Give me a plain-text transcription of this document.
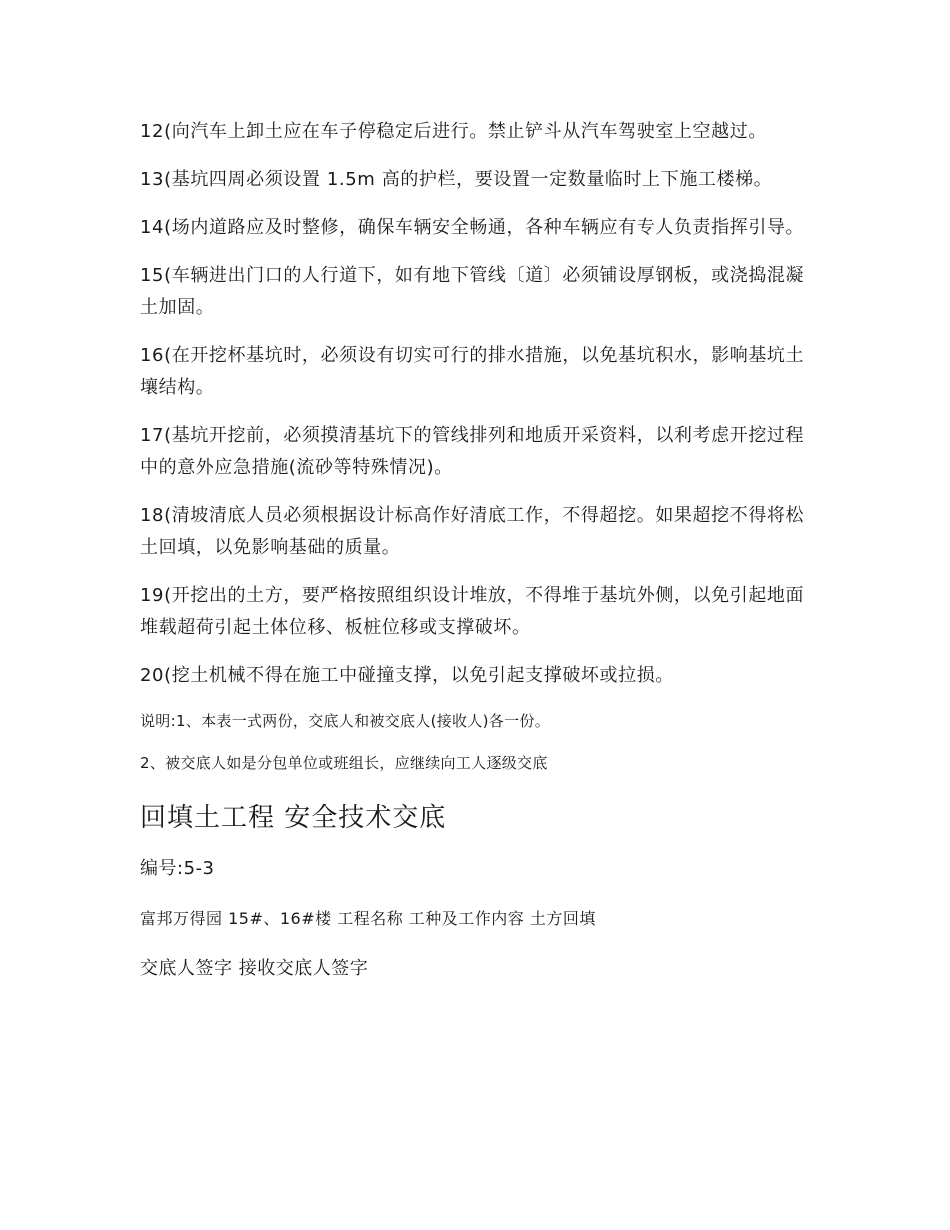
12(向汽车上卸土应在车子停稳定后进行。禁止铲斗从汽车驾驶室上空越过。

13(基坑四周必须设置 1.5m 高的护栏，要设置一定数量临时上下施工楼梯。

14(场内道路应及时整修，确保车辆安全畅通，各种车辆应有专人负责指挥引导。

15(车辆进出门口的人行道下，如有地下管线〔道〕必须铺设厚钢板，或浇捣混凝土加固。

16(在开挖杯基坑时，必须设有切实可行的排水措施，以免基坑积水，影响基坑土壤结构。

17(基坑开挖前，必须摸清基坑下的管线排列和地质开采资料，以利考虑开挖过程中的意外应急措施(流砂等特殊情况)。

18(清坡清底人员必须根据设计标高作好清底工作，不得超挖。如果超挖不得将松土回填，以免影响基础的质量。

19(开挖出的土方，要严格按照组织设计堆放，不得堆于基坑外侧，以免引起地面堆载超荷引起土体位移、板桩位移或支撑破坏。

20(挖土机械不得在施工中碰撞支撑，以免引起支撑破坏或拉损。

说明:1、本表一式两份，交底人和被交底人(接收人)各一份。

2、被交底人如是分包单位或班组长，应继续向工人逐级交底

回填土工程 安全技术交底

编号:5-3

富邦万得园 15#、16#楼 工程名称 工种及工作内容 土方回填

交底人签字 接收交底人签字
